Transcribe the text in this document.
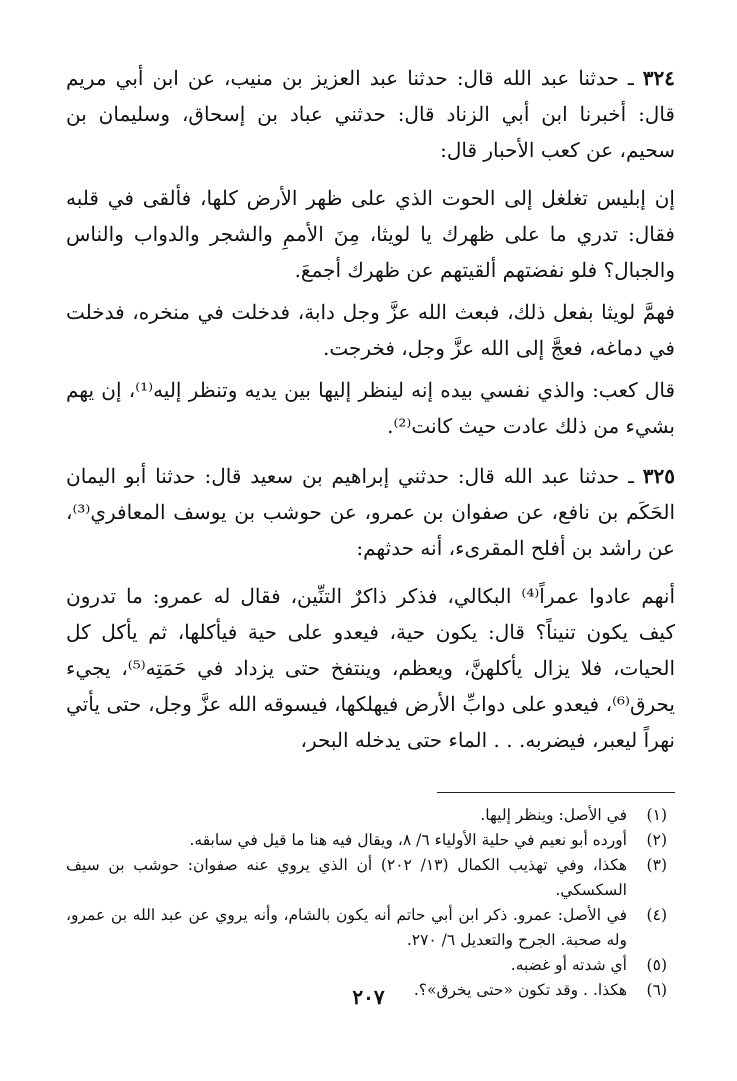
٣٢٤ ـ حدثنا عبد الله قال: حدثنا عبد العزيز بن منيب، عن ابن أبي مريم قال: أخبرنا ابن أبي الزناد قال: حدثني عباد بن إسحاق، وسليمان بن سحيم، عن كعب الأحبار قال:

إن إبليس تغلغل إلى الحوت الذي على ظهر الأرض كلها، فألقى في قلبه فقال: تدري ما على ظهرك يا لويثا، مِنَ الأممِ والشجر والدواب والناس والجبال؟ فلو نفضتهم ألقيتهم عن ظهرك أجمعَ.

فهمَّ لويثا بفعل ذلك، فبعث الله عزَّ وجل دابة، فدخلت في منخره، فدخلت في دماغه، فعجَّ إلى الله عزَّ وجل، فخرجت.

قال كعب: والذي نفسي بيده إنه لينظر إليها بين يديه وتنظر إليه⁽¹⁾، إن يهم بشيء من ذلك عادت حيث كانت⁽²⁾.

٣٢٥ ـ حدثنا عبد الله قال: حدثني إبراهيم بن سعيد قال: حدثنا أبو اليمان الحَكَم بن نافع، عن صفوان بن عمرو، عن حوشب بن يوسف المعافري⁽³⁾، عن راشد بن أفلح المقرىء، أنه حدثهم:

أنهم عادوا عمراً⁽⁴⁾ البكالي، فذكر ذاكرٌ التنِّين، فقال له عمرو: ما تدرون كيف يكون تنيناً؟ قال: يكون حية، فيعدو على حية فيأكلها، ثم يأكل كل الحيات، فلا يزال يأكلهنَّ، ويعظم، وينتفخ حتى يزداد في حَمَتِه⁽⁵⁾، يجيء يحرق⁽⁶⁾، فيعدو على دوابِّ الأرض فيهلكها، فيسوقه الله عزَّ وجل، حتى يأتي نهراً ليعبر، فيضربه. . . الماء حتى يدخله البحر،

(١)
في الأصل: وينظر إليها.
(٢)
أورده أبو نعيم في حلية الأولياء ٦/ ٨، ويقال فيه هنا ما قيل في سابقه.
(٣)
هكذا، وفي تهذيب الكمال (١٣/ ٢٠٢) أن الذي يروي عنه صفوان: حوشب بن سيف السكسكي.
(٤)
في الأصل: عمرو. ذكر ابن أبي حاتم أنه يكون بالشام، وأنه يروي عن عبد الله بن عمرو، وله صحبة. الجرح والتعديل ٦/ ٢٧٠.
(٥)
أي شدته أو غضبه.
(٦)
هكذا. . وقد تكون «حتى يخرق»؟.
٢٠٧
